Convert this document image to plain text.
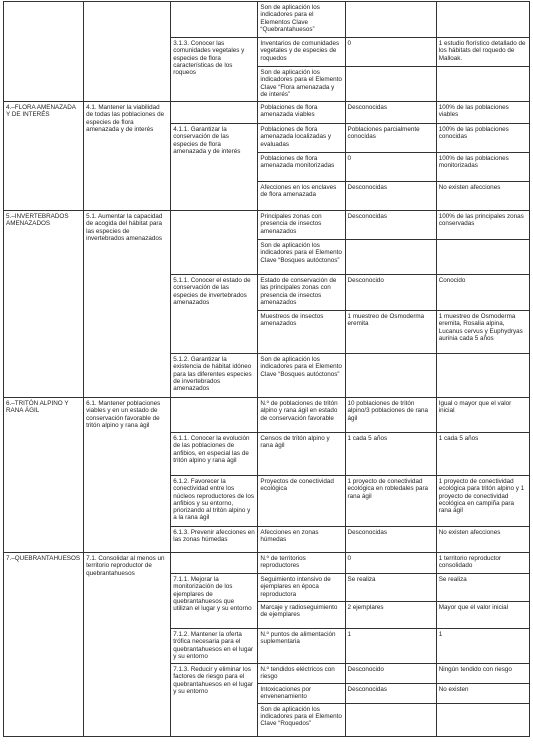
			Son de aplicación los indicadores para el Elementos Clave “Quebrantahuesos”		
		3.1.3. Conocer las comunidades vegetales y especies de flora características de los roqueos	Inventarios de comunidades vegetales y de especies de roquedos	0	1 estudio florístico detallado de los hábitats del roquedo de Malloak.
			Son de aplicación los indicadores para el Elemento Clave “Flora amenazada y de interés”		
4.–FLORA AMENAZADA Y DE INTERÉS	4.1. Mantener la viabilidad de todas las poblaciones de especies de flora amenazada y de interés		Poblaciones de flora amenazada viables	Desconocidas	100% de las poblaciones viables
		4.1.1. Garantizar la conservación de las especies de flora amenazada y de interés	Poblaciones de flora amenazada localizadas y evaluadas	Poblaciones parcialmente conocidas	100% de las poblaciones conocidas
			Poblaciones de flora amenazada monitorizadas	0	100% de las poblaciones monitorizadas
			Afecciones en los enclaves de flora amenazada	Desconocidas	No existen afecciones
5.–INVERTEBRADOS AMENAZADOS	5.1. Aumentar la capacidad de acogida del hábitat para las especies de invertebrados amenazados		Principales zonas con presencia de insectos amenazados	Desconocidas	100% de las principales zonas conservadas
			Son de aplicación los indicadores para el Elemento Clave “Bosques autóctonos”		
		5.1.1. Conocer el estado de conservación de las especies de invertebrados amenazados	Estado de conservación de las principales zonas con presencia de insectos amenazados	Desconocido	Conocido
			Muestreos de insectos amenazados	1 muestreo de Osmoderma eremita	1 muestreo de Osmoderma eremita, Rosalia alpina, Lucanus cervus y Euphydryas aurinia cada 5 años
		5.1.2. Garantizar la existencia de hábitat idóneo para las diferentes especies de invertebrados amenazados	Son de aplicación los indicadores para el Elemento Clave “Bosques autóctonos”		
6.–TRITÓN ALPINO Y RANA ÁGIL	6.1. Mantener poblaciones viables y en un estado de conservación favorable de tritón alpino y rana ágil		N.º de poblaciones de tritón alpino y rana ágil en estado de conservación favorable	10 poblaciones de tritón alpino/3 poblaciones de rana ágil	Igual o mayor que el valor inicial
		6.1.1. Conocer la evolución de las poblaciones de anfibios, en especial las de tritón alpino y rana ágil	Censos de tritón alpino y rana ágil	1 cada 5 años	1 cada 5 años
		6.1.2. Favorecer la conectividad entre los núcleos reproductores de los anfibios y su entorno, priorizando al tritón alpino y a la rana ágil	Proyectos de conectividad ecológica	1 proyecto de conectividad ecológica en robledales para rana ágil	1 proyecto de conectividad ecológica para tritón alpino y 1 proyecto de conectividad ecológica en campiña para rana ágil
		6.1.3. Prevenir afecciones en las zonas húmedas	Afecciones en zonas húmedas	Desconocidas	No existen afecciones
7.–QUEBRANTAHUESOS	7.1. Consolidar al menos un territorio reproductor de quebrantahuesos		N.º de territorios reproductores	0	1 territorio reproductor consolidado
		7.1.1. Mejorar la monitorización de los ejemplares de quebrantahuesos que utilizan el lugar y su entorno	Seguimiento intensivo de ejemplares en época reproductora	Se realiza	Se realiza
			Marcaje y radioseguimiento de ejemplares	2 ejemplares	Mayor que el valor inicial
		7.1.2. Mantener la oferta trófica necesaria para el quebrantahuesos en el lugar y su entorno	N.º puntos de alimentación suplementaria	1	1
		7.1.3. Reducir y eliminar los factores de riesgo para el quebrantahuesos en el lugar y su entorno	N.º tendidos eléctricos con riesgo	Desconocido	Ningún tendido con riesgo
			Intoxicaciones por envenenamiento	Desconocidas	No existen
			Son de aplicación los indicadores para el Elemento Clave “Roquedos”		
